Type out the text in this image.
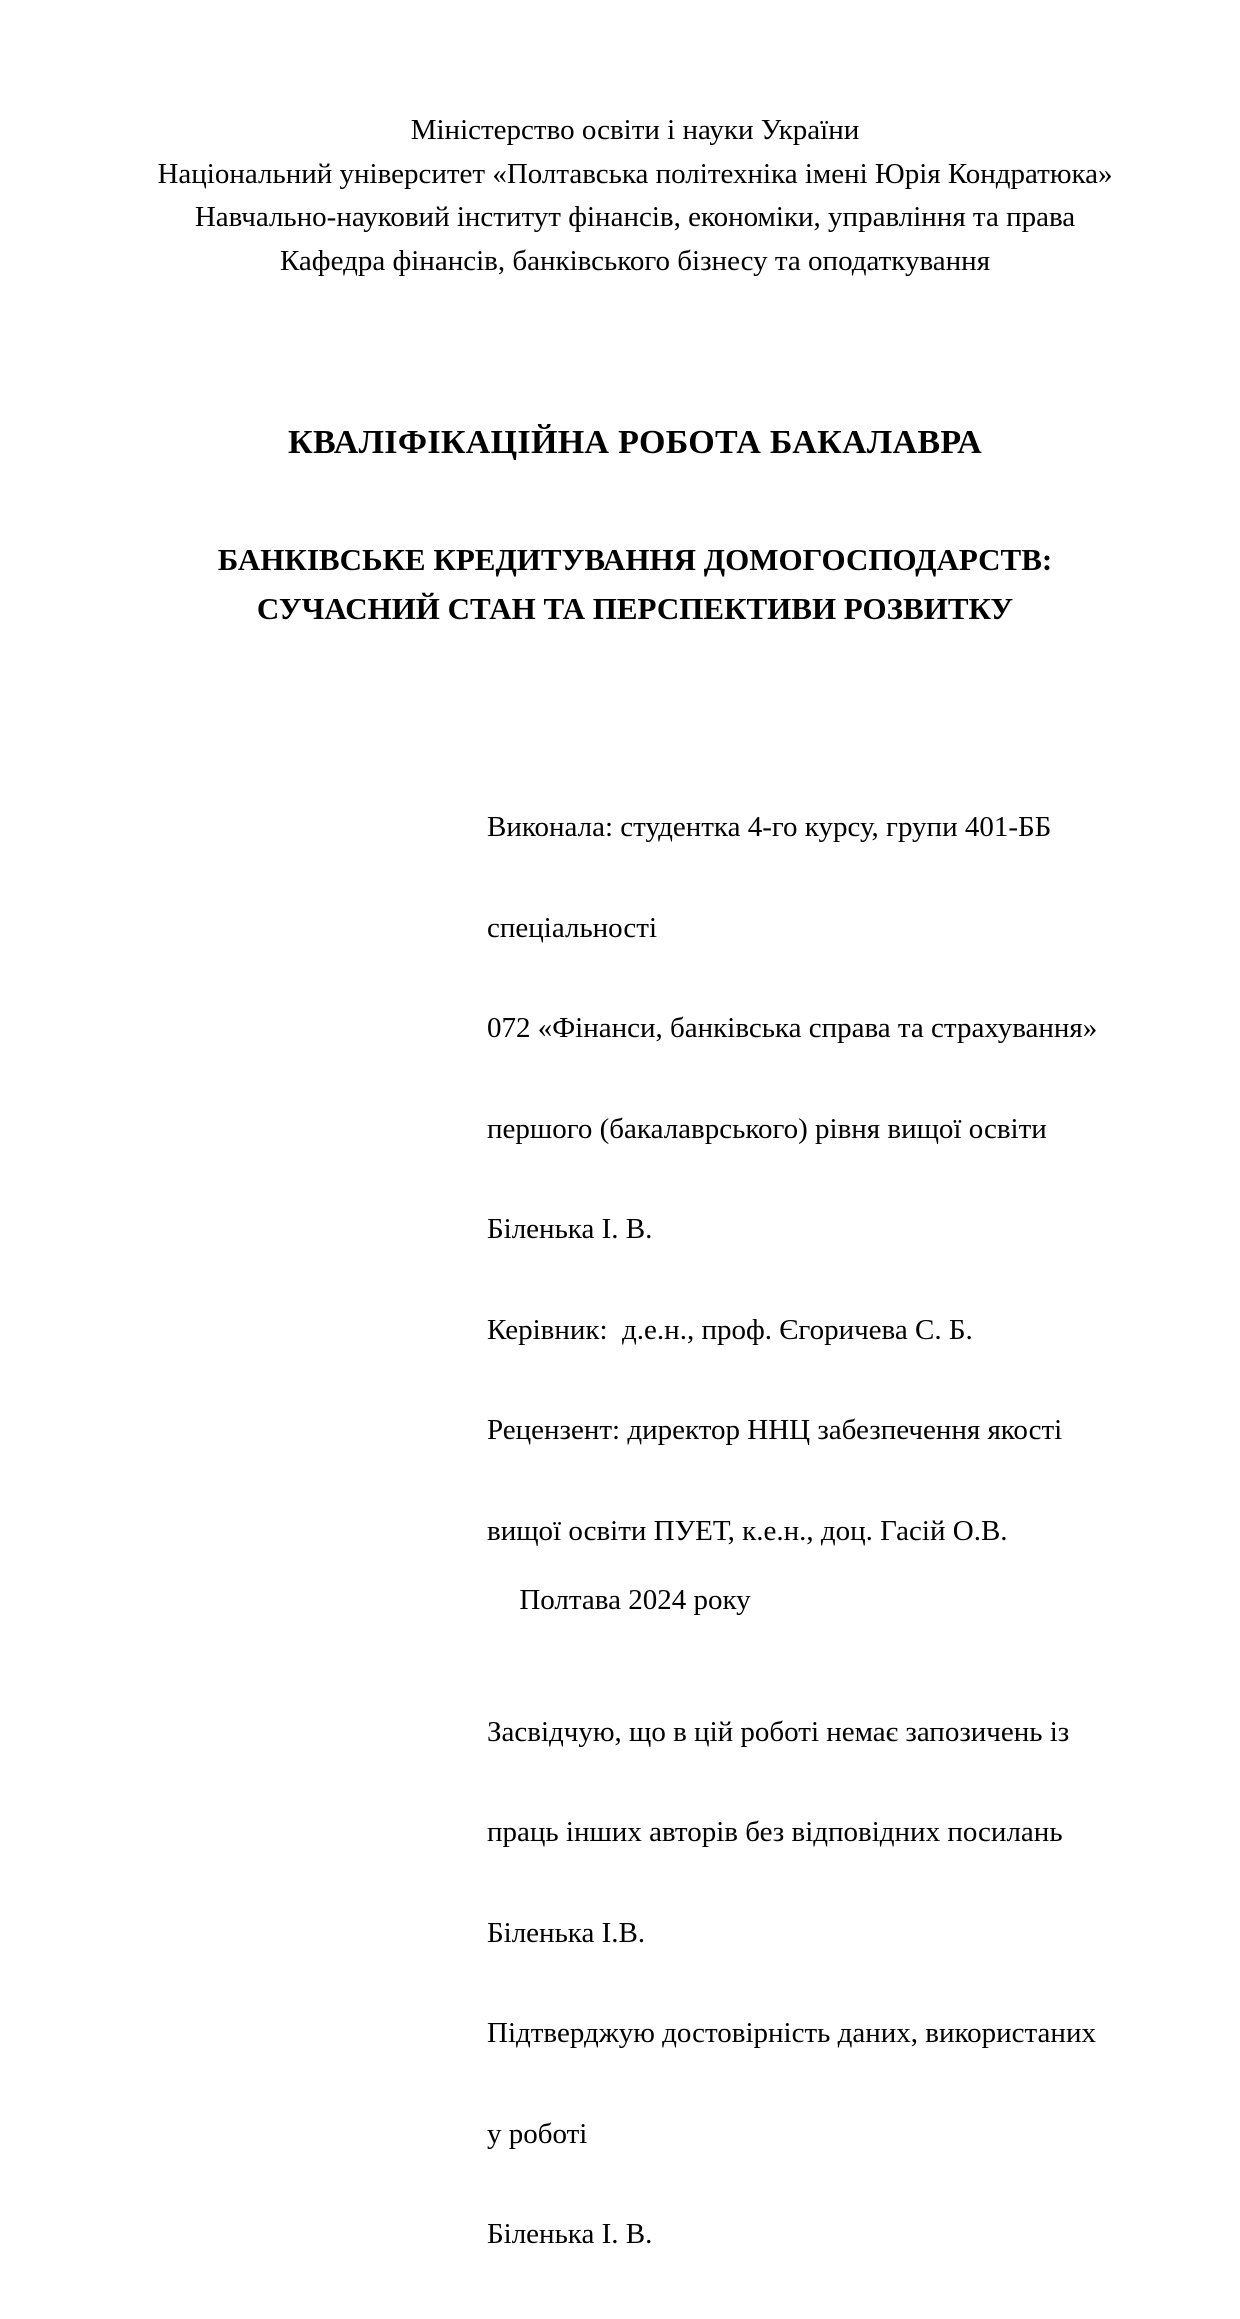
Міністерство освіти і науки України
Національний університет «Полтавська політехніка імені Юрія Кондратюка»
Навчально-науковий інститут фінансів, економіки, управління та права
Кафедра фінансів, банківського бізнесу та оподаткування
КВАЛІФІКАЦІЙНА РОБОТА БАКАЛАВРА
БАНКІВСЬКЕ КРЕДИТУВАННЯ ДОМОГОСПОДАРСТВ:
СУЧАСНИЙ СТАН ТА ПЕРСПЕКТИВИ РОЗВИТКУ

Виконала: студентка 4-го курсу, групи 401-ББ

спеціальності

072 «Фінанси, банківська справа та страхування»

першого (бакалаврського) рівня вищої освіти

Біленька І. В.

Керівник:  д.е.н., проф. Єгоричева С. Б.

Рецензент: директор ННЦ забезпечення якості

вищої освіти ПУЕТ, к.е.н., доц. Гасій О.В.

Засвідчую, що в цій роботі немає запозичень із

праць інших авторів без відповідних посилань

Біленька І.В.

Підтверджую достовірність даних, використаних

у роботі

Біленька І. В.

Полтава 2024 року
